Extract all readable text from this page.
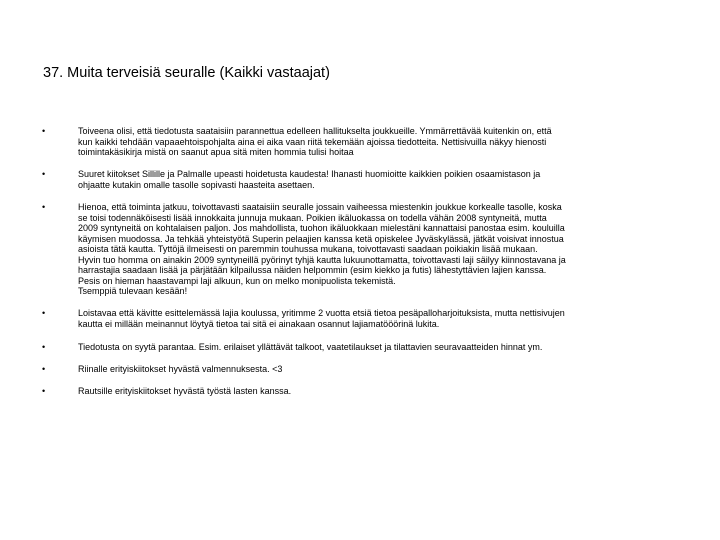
37. Muita terveisiä seuralle (Kaikki vastaajat)
•	Toiveena olisi, että tiedotusta saataisiin parannettua edelleen hallitukselta joukkueille. Ymmärrettävää kuitenkin on, että
kun kaikki tehdään vapaaehtoispohjalta aina ei aika vaan riitä tekemään ajoissa tiedotteita. Nettisivuilla näkyy hienosti
toimintakäsikirja mistä on saanut apua sitä miten hommia tulisi hoitaa
•	Suuret kiitokset Sillille ja Palmalle upeasti hoidetusta kaudesta! Ihanasti huomioitte kaikkien poikien osaamistason ja
ohjaatte kutakin omalle tasolle sopivasti haasteita asettaen.
•	Hienoa, että toiminta jatkuu, toivottavasti saataisiin seuralle jossain vaiheessa miestenkin joukkue korkealle tasolle, koska
se toisi todennäköisesti lisää innokkaita junnuja mukaan. Poikien ikäluokassa on todella vähän 2008 syntyneitä, mutta
2009 syntyneitä on kohtalaisen paljon. Jos mahdollista, tuohon ikäluokkaan mielestäni kannattaisi panostaa esim. kouluilla
käymisen muodossa. Ja tehkää yhteistyötä Superin pelaajien kanssa ketä opiskelee Jyväskylässä, jätkät voisivat innostua
asioista tätä kautta. Tyttöjä ilmeisesti on paremmin touhussa mukana, toivottavasti saadaan poikiakin lisää mukaan.
Hyvin tuo homma on ainakin 2009 syntyneillä pyörinyt tyhjä kautta lukuunottamatta, toivottavasti laji säilyy kiinnostavana ja
harrastajia saadaan lisää ja pärjätään kilpailussa näiden helpommin (esim kiekko ja futis) lähestyttävien lajien kanssa.
Pesis on hieman haastavampi laji alkuun, kun on melko monipuolista tekemistä.
Tsemppiä tulevaan kesään!
•	Loistavaa että kävitte esittelemässä lajia koulussa, yritimme 2 vuotta etsiä tietoa pesäpalloharjoituksista, mutta nettisivujen
kautta ei millään meinannut löytyä tietoa tai sitä ei ainakaan osannut lajiamatööörinä lukita.
•	Tiedotusta on syytä parantaa. Esim. erilaiset yllättävät talkoot, vaatetilaukset ja tilattavien seuravaatteiden hinnat ym.
•	Riinalle erityiskiitokset hyvästä valmennuksesta. <3
•	Rautsille erityiskiitokset hyvästä työstä lasten kanssa.
